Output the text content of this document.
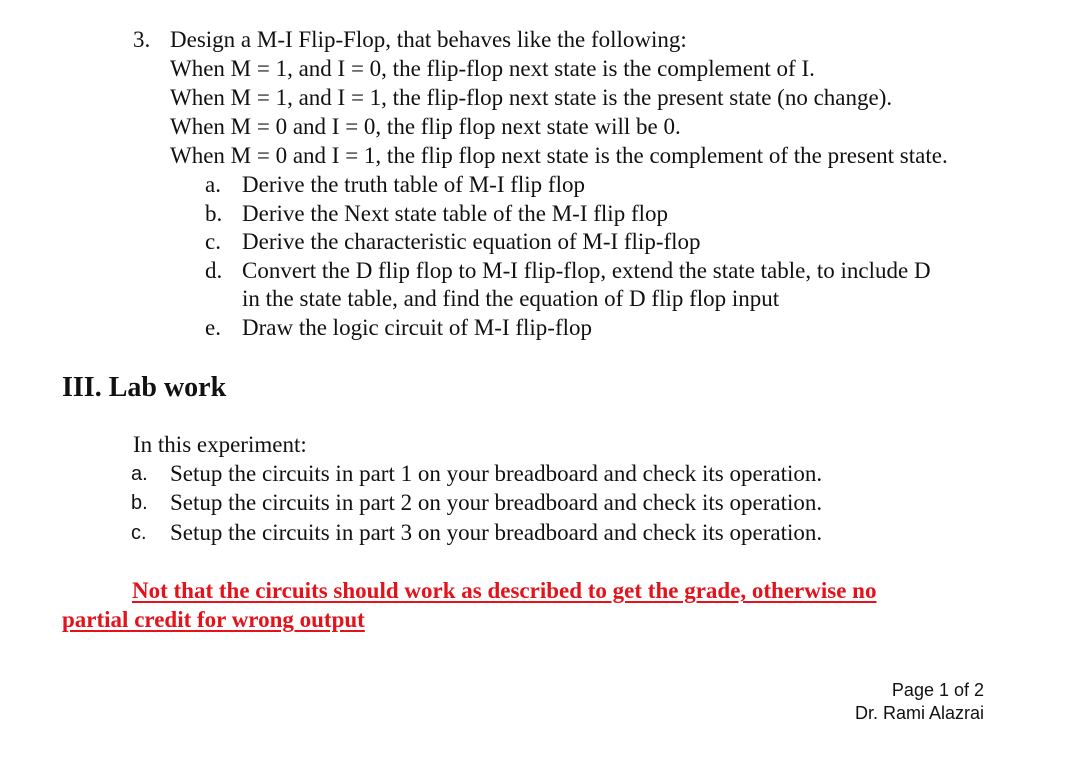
3. Design a M-I Flip-Flop, that behaves like the following:
When M = 1, and I = 0, the flip-flop next state is the complement of I.
When M = 1, and I = 1, the flip-flop next state is the present state (no change).
When M = 0 and I = 0, the flip flop next state will be 0.
When M = 0 and I = 1, the flip flop next state is the complement of the present state.
a. Derive the truth table of M-I flip flop
b. Derive the Next state table of the M-I flip flop
c. Derive the characteristic equation of M-I flip-flop
d. Convert the D flip flop to M-I flip-flop, extend the state table, to include D
in the state table, and find the equation of D flip flop input
e. Draw the logic circuit of M-I flip-flop
III. Lab work
In this experiment:
a. Setup the circuits in part 1 on your breadboard and check its operation.
b. Setup the circuits in part 2 on your breadboard and check its operation.
c. Setup the circuits in part 3 on your breadboard and check its operation.
Not that the circuits should work as described to get the grade, otherwise no
partial credit for wrong output
Page 1 of 2
Dr. Rami Alazrai
